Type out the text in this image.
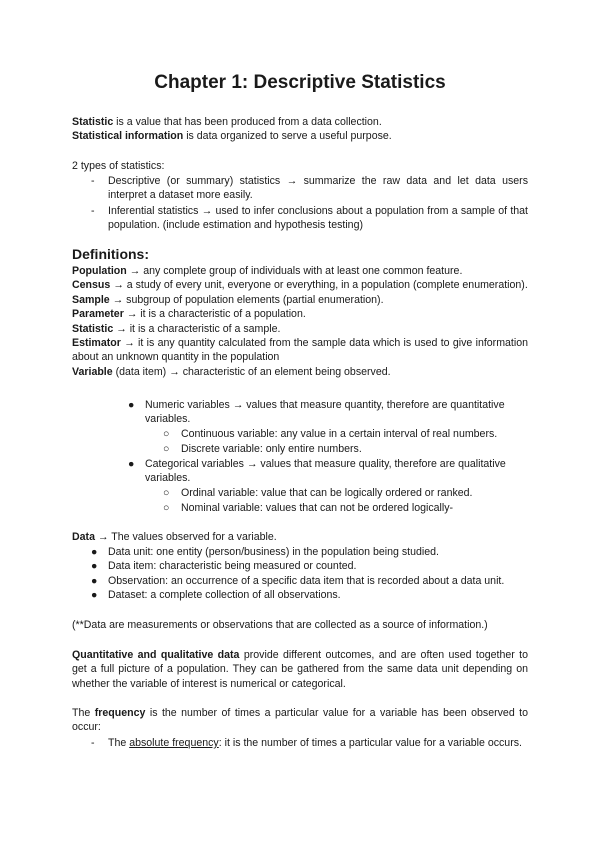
Chapter 1: Descriptive Statistics

Statistic is a value that has been produced from a data collection.
Statistical information is data organized to serve a useful purpose.

2 types of statistics:

- Descriptive (or summary) statistics → summarize the raw data and let data users interpret a dataset more easily.

- Inferential statistics → used to infer conclusions about a population from a sample of that population. (include estimation and hypothesis testing)

Definitions:

Population → any complete group of individuals with at least one common feature.
Census → a study of every unit, everyone or everything, in a population (complete enumeration).
Sample → subgroup of population elements (partial enumeration).
Parameter → it is a characteristic of a population.
Statistic → it is a characteristic of a sample.
Estimator → it is any quantity calculated from the sample data which is used to give information about an unknown quantity in the population
Variable (data item) → characteristic of an element being observed.

● Numeric variables → values that measure quantity, therefore are quantitative variables.

○ Continuous variable: any value in a certain interval of real numbers.

○ Discrete variable: only entire numbers.

● Categorical variables → values that measure quality, therefore are qualitative variables.

○ Ordinal variable: value that can be logically ordered or ranked.

○ Nominal variable: values that can not be ordered logically-

Data → The values observed for a variable.

● Data unit: one entity (person/business) in the population being studied.

● Data item: characteristic being measured or counted.

● Observation: an occurrence of a specific data item that is recorded about a data unit.

● Dataset: a complete collection of all observations.

(**Data are measurements or observations that are collected as a source of information.)

Quantitative and qualitative data provide different outcomes, and are often used together to get a full picture of a population. They can be gathered from the same data unit depending on whether the variable of interest is numerical or categorical.

The frequency is the number of times a particular value for a variable has been observed to occur:

- The absolute frequency: it is the number of times a particular value for a variable occurs.
